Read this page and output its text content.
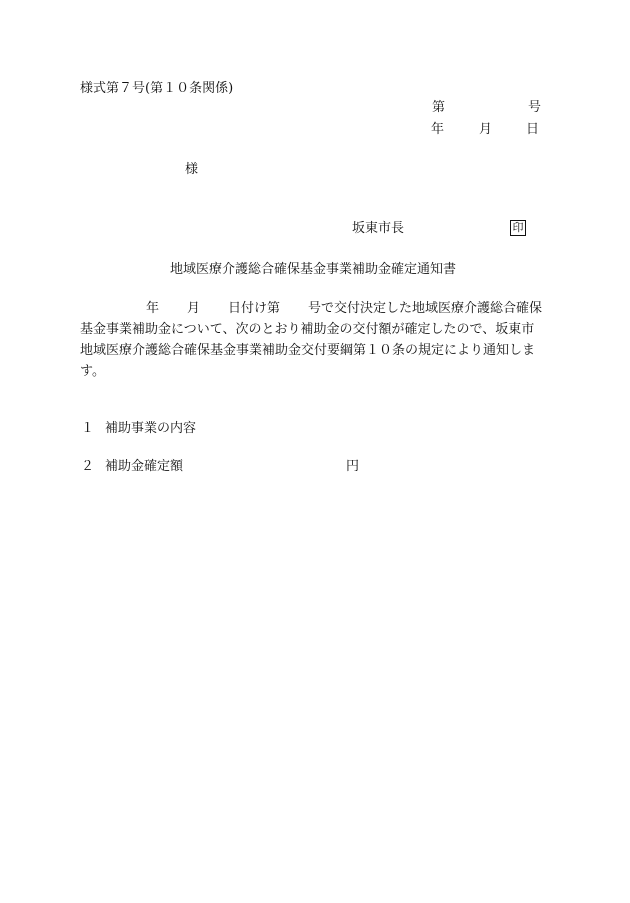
様式第７号(第１０条関係)
第	号
年	月	日
様
坂東市長	印
地域医療介護総合確保基金事業補助金確定通知書
年 月 日付け第 号で交付決定した地域医療介護総合確保
基金事業補助金について、次のとおり補助金の交付額が確定したので、坂東市
地域医療介護総合確保基金事業補助金交付要綱第１０条の規定により通知しま
す。
１ 補助事業の内容
２ 補助金確定額	円
